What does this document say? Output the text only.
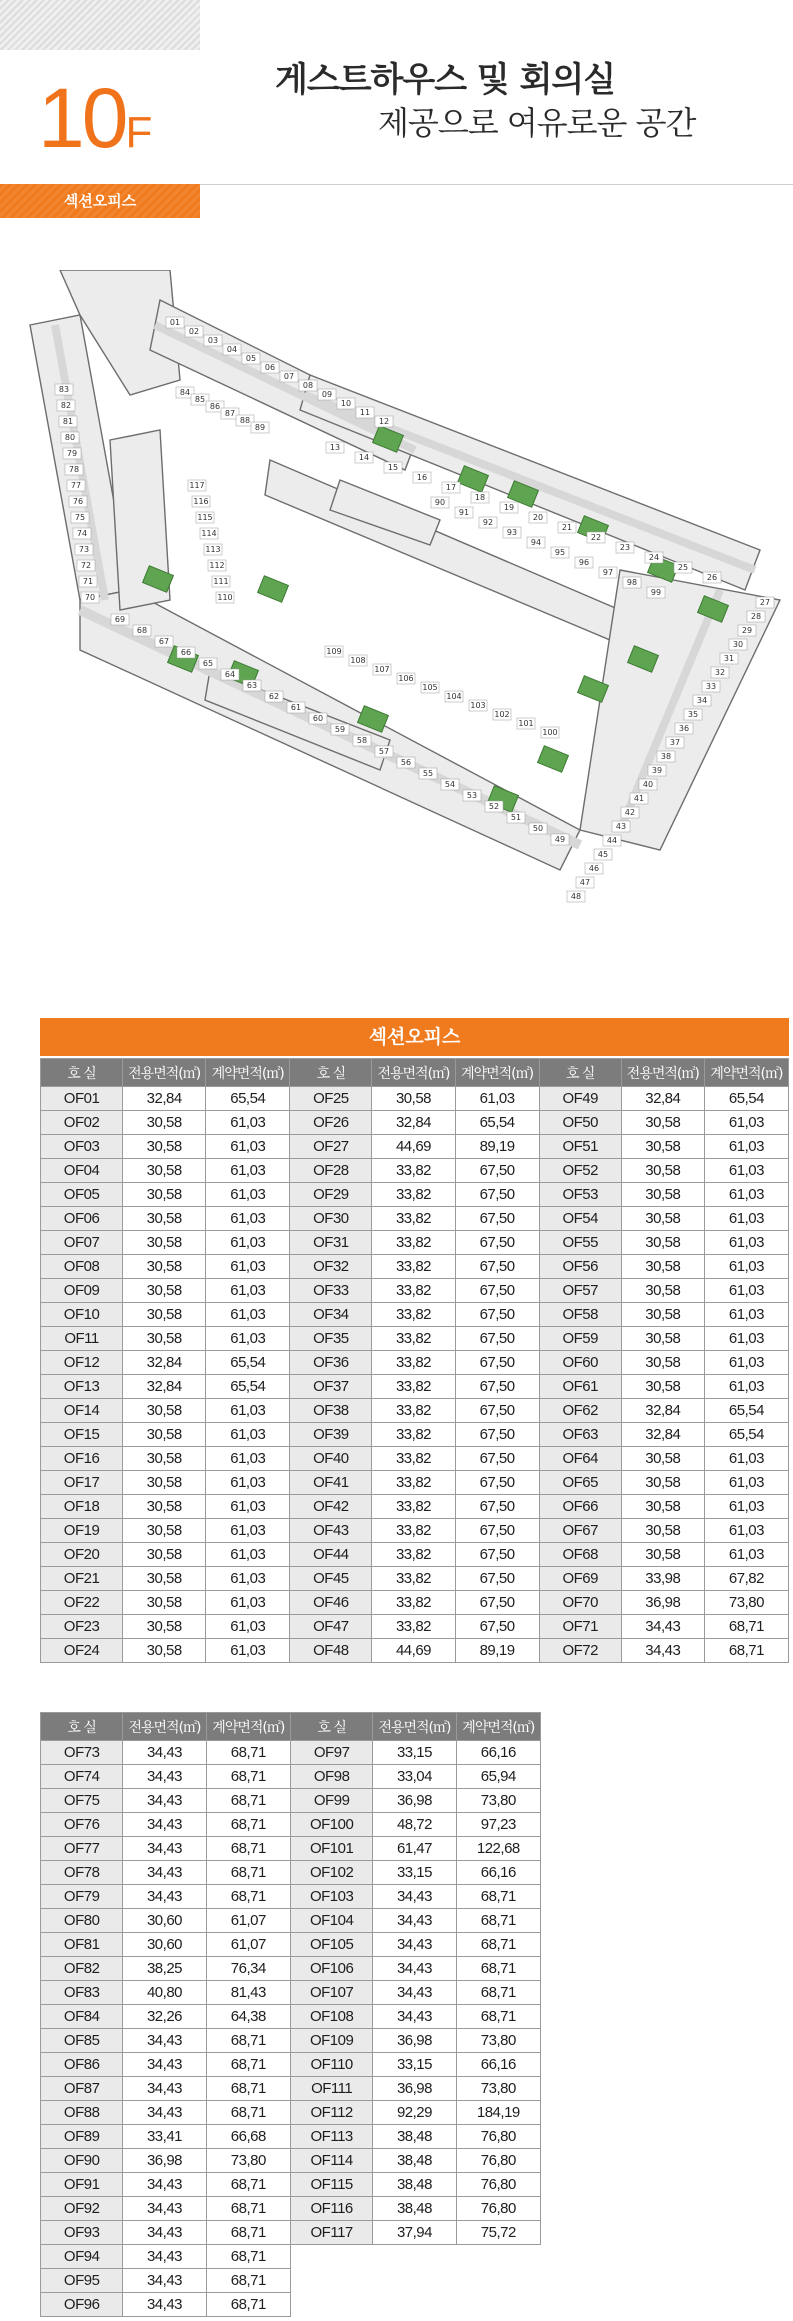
10F
게스트하우스 및 회의실
제공으로 여유로운 공간
섹션오피스
01
02
03
04
05
06
07
08
09
10
11
12
13
14
15
16
17
18
19
20
21
22
23
24
25
26
27
28
29
30
31
32
33
34
35
36
37
38
39
40
41
42
43
44
45
46
47
48
49
50
51
52
53
54
55
56
57
58
59
60
61
62
63
64
65
66
67
68
69
70
71
72
73
74
75
76
77
78
79
80
81
82
83	84
85
86
87
88
89
90
91
92
93
94
95
96
97
98
99
100
101
102
103
104
105
106
107
108
109
110
111
112
113
114
115
116
117
섹션오피스
호 실	전용면적(㎡)	계약면적(㎡)	호 실	전용면적(㎡)	계약면적(㎡)	호 실	전용면적(㎡)	계약면적(㎡)
OF01	32,84	65,54	OF25	30,58	61,03	OF49	32,84	65,54
OF02	30,58	61,03	OF26	32,84	65,54	OF50	30,58	61,03
OF03	30,58	61,03	OF27	44,69	89,19	OF51	30,58	61,03
OF04	30,58	61,03	OF28	33,82	67,50	OF52	30,58	61,03
OF05	30,58	61,03	OF29	33,82	67,50	OF53	30,58	61,03
OF06	30,58	61,03	OF30	33,82	67,50	OF54	30,58	61,03
OF07	30,58	61,03	OF31	33,82	67,50	OF55	30,58	61,03
OF08	30,58	61,03	OF32	33,82	67,50	OF56	30,58	61,03
OF09	30,58	61,03	OF33	33,82	67,50	OF57	30,58	61,03
OF10	30,58	61,03	OF34	33,82	67,50	OF58	30,58	61,03
OF11	30,58	61,03	OF35	33,82	67,50	OF59	30,58	61,03
OF12	32,84	65,54	OF36	33,82	67,50	OF60	30,58	61,03
OF13	32,84	65,54	OF37	33,82	67,50	OF61	30,58	61,03
OF14	30,58	61,03	OF38	33,82	67,50	OF62	32,84	65,54
OF15	30,58	61,03	OF39	33,82	67,50	OF63	32,84	65,54
OF16	30,58	61,03	OF40	33,82	67,50	OF64	30,58	61,03
OF17	30,58	61,03	OF41	33,82	67,50	OF65	30,58	61,03
OF18	30,58	61,03	OF42	33,82	67,50	OF66	30,58	61,03
OF19	30,58	61,03	OF43	33,82	67,50	OF67	30,58	61,03
OF20	30,58	61,03	OF44	33,82	67,50	OF68	30,58	61,03
OF21	30,58	61,03	OF45	33,82	67,50	OF69	33,98	67,82
OF22	30,58	61,03	OF46	33,82	67,50	OF70	36,98	73,80
OF23	30,58	61,03	OF47	33,82	67,50	OF71	34,43	68,71
OF24	30,58	61,03	OF48	44,69	89,19	OF72	34,43	68,71
호 실	전용면적(㎡)	계약면적(㎡)	호 실	전용면적(㎡)	계약면적(㎡)
OF73	34,43	68,71	OF97	33,15	66,16
OF74	34,43	68,71	OF98	33,04	65,94
OF75	34,43	68,71	OF99	36,98	73,80
OF76	34,43	68,71	OF100	48,72	97,23
OF77	34,43	68,71	OF101	61,47	122,68
OF78	34,43	68,71	OF102	33,15	66,16
OF79	34,43	68,71	OF103	34,43	68,71
OF80	30,60	61,07	OF104	34,43	68,71
OF81	30,60	61,07	OF105	34,43	68,71
OF82	38,25	76,34	OF106	34,43	68,71
OF83	40,80	81,43	OF107	34,43	68,71
OF84	32,26	64,38	OF108	34,43	68,71
OF85	34,43	68,71	OF109	36,98	73,80
OF86	34,43	68,71	OF110	33,15	66,16
OF87	34,43	68,71	OF111	36,98	73,80
OF88	34,43	68,71	OF112	92,29	184,19
OF89	33,41	66,68	OF113	38,48	76,80
OF90	36,98	73,80	OF114	38,48	76,80
OF91	34,43	68,71	OF115	38,48	76,80
OF92	34,43	68,71	OF116	38,48	76,80
OF93	34,43	68,71	OF117	37,94	75,72
OF94	34,43	68,71			
OF95	34,43	68,71			
OF96	34,43	68,71			
